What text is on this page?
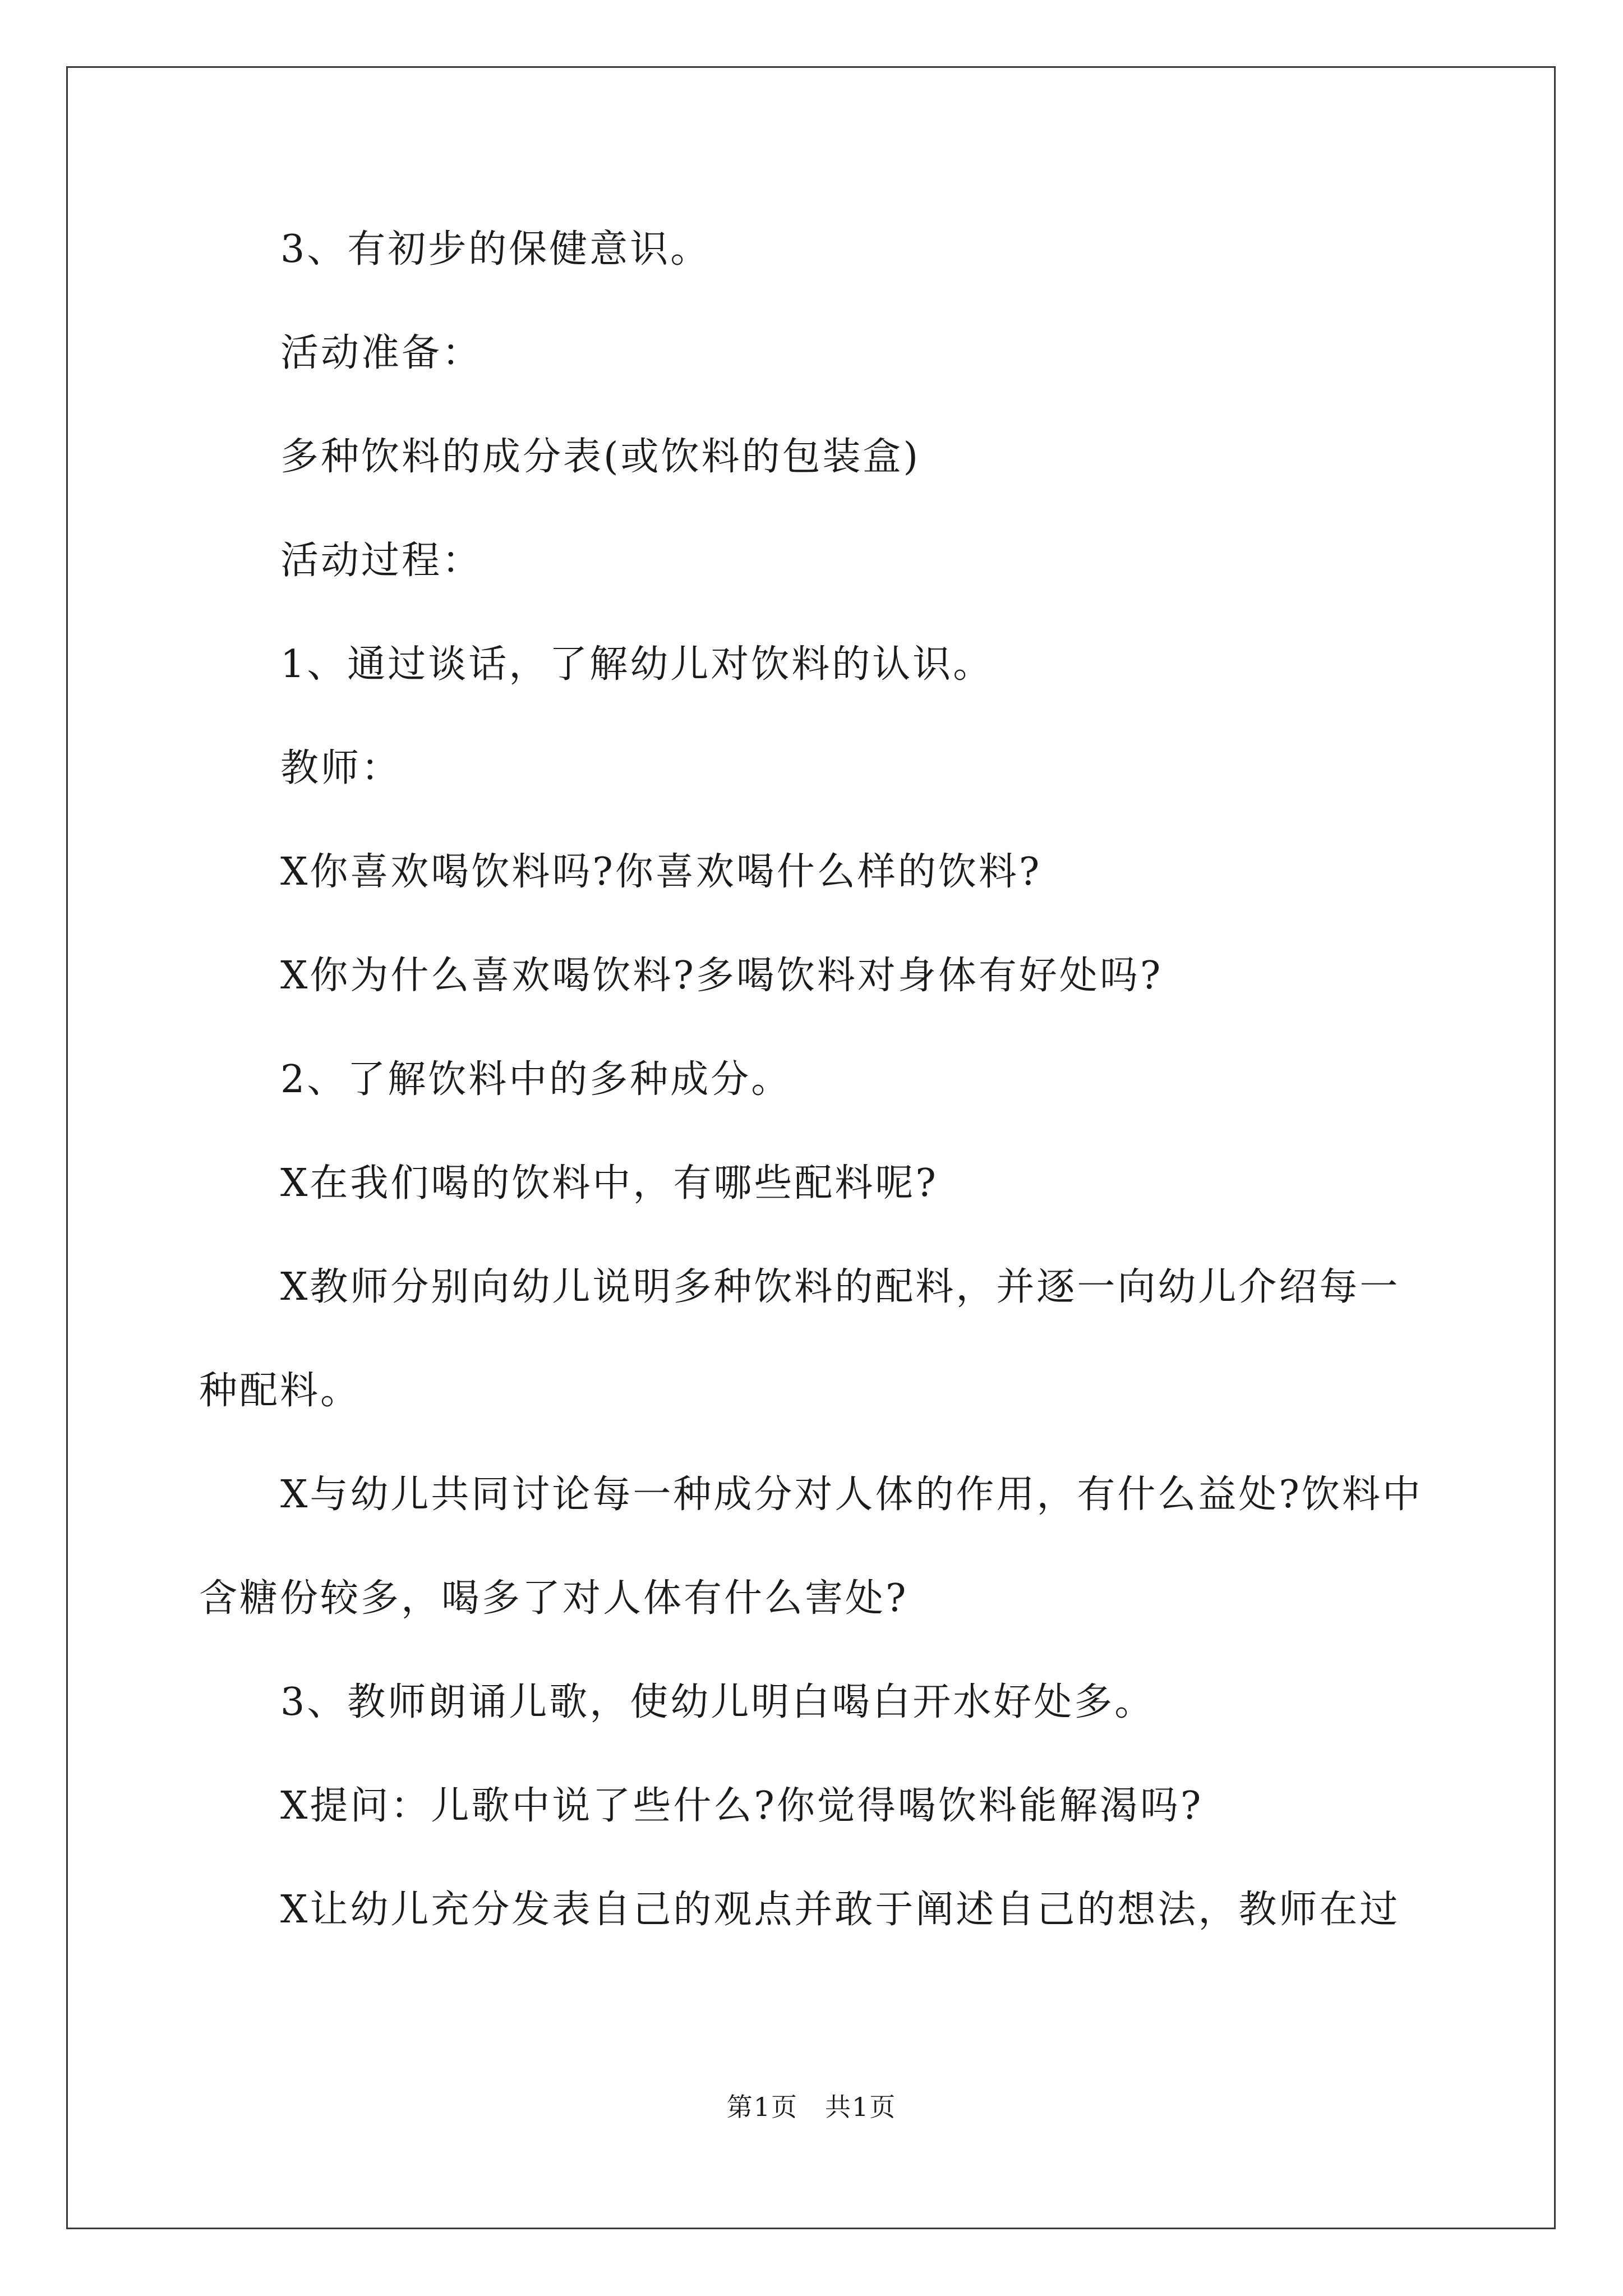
3、有初步的保健意识。
活动准备：
多种饮料的成分表(或饮料的包装盒)
活动过程：
1、通过谈话，了解幼儿对饮料的认识。
教师：
X你喜欢喝饮料吗?你喜欢喝什么样的饮料?
X你为什么喜欢喝饮料?多喝饮料对身体有好处吗?
2、了解饮料中的多种成分。
X在我们喝的饮料中，有哪些配料呢?
X教师分别向幼儿说明多种饮料的配料，并逐一向幼儿介绍每一
种配料。
X与幼儿共同讨论每一种成分对人体的作用，有什么益处?饮料中
含糖份较多，喝多了对人体有什么害处?
3、教师朗诵儿歌，使幼儿明白喝白开水好处多。
X提问：儿歌中说了些什么?你觉得喝饮料能解渴吗?
X让幼儿充分发表自己的观点并敢于阐述自己的想法，教师在过
第1页　共1页
